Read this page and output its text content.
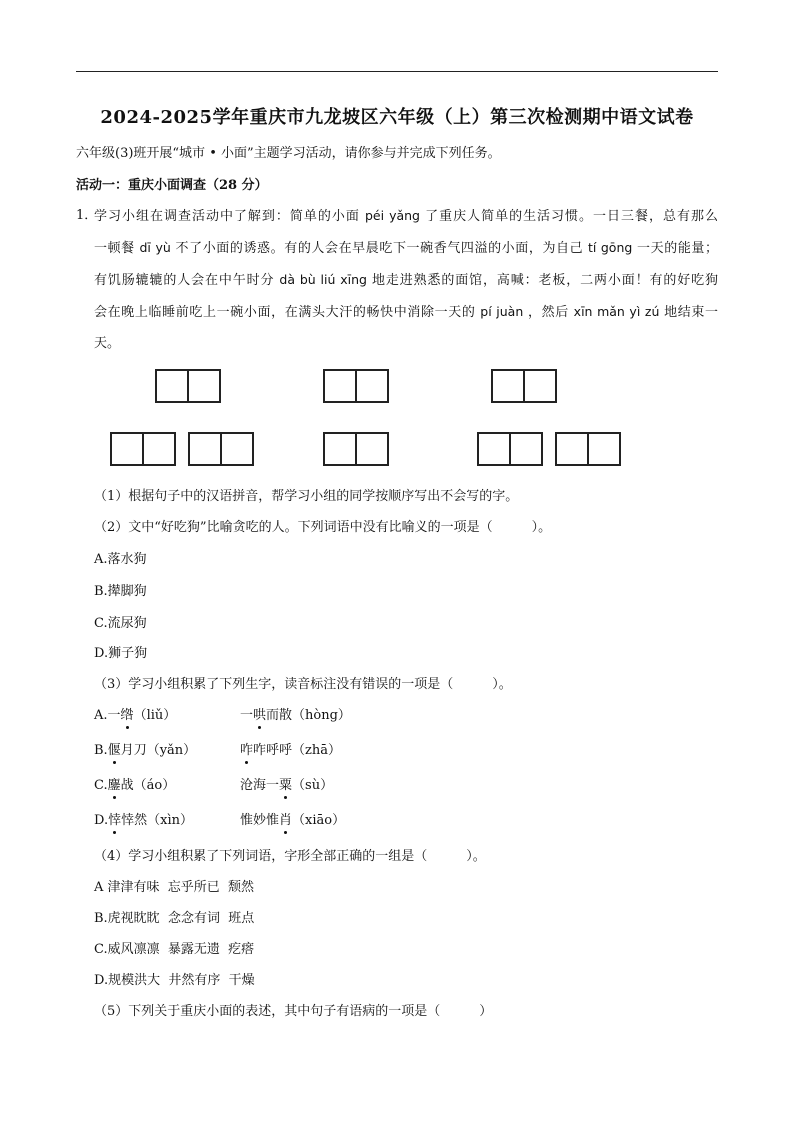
2024-2025学年重庆市九龙坡区六年级（上）第三次检测期中语文试卷
六年级(3)班开展“城市 • 小面”主题学习活动，请你参与并完成下列任务。
活动一：重庆小面调查（28 分）
1．
学习小组在调查活动中了解到：简单的小面 péi yǎng 了重庆人简单的生活习惯。一日三餐，总有那么
一顿餐 dī yù 不了小面的诱惑。有的人会在早晨吃下一碗香气四溢的小面，为自己 tí gōng 一天的能量；
有饥肠辘辘的人会在中午时分 dà bù liú xīng 地走进熟悉的面馆，高喊：老板，二两小面！有的好吃狗
会在晚上临睡前吃上一碗小面，在满头大汗的畅快中消除一天的 pí juàn ，然后 xīn mǎn yì zú 地结束一
天。
（1）根据句子中的汉语拼音，帮学习小组的同学按顺序写出不会写的字。
（2）文中“好吃狗”比喻贪吃的人。下列词语中没有比喻义的一项是（　　　）。
A.落水狗
B.撵脚狗
C.流尿狗
D.狮子狗
（3）学习小组积累了下列生字，读音标注没有错误的一项是（　　　）。
A.一绺（liǔ）	一哄而散（hòng）
B.偃月刀（yǎn）	咋咋呼呼（zhā）
C.鏖战（áo）	沧海一粟（sù）
D.悻悻然（xìn）	惟妙惟肖（xiāo）
（4）学习小组积累了下列词语，字形全部正确的一组是（　　　）。
A 津津有味  忘乎所已  颓然
B.虎视眈眈  念念有词  班点
C.威风凛凛  暴露无遗  疙瘩
D.规模洪大  井然有序  干燥
（5）下列关于重庆小面的表述，其中句子有语病的一项是（　　　）
